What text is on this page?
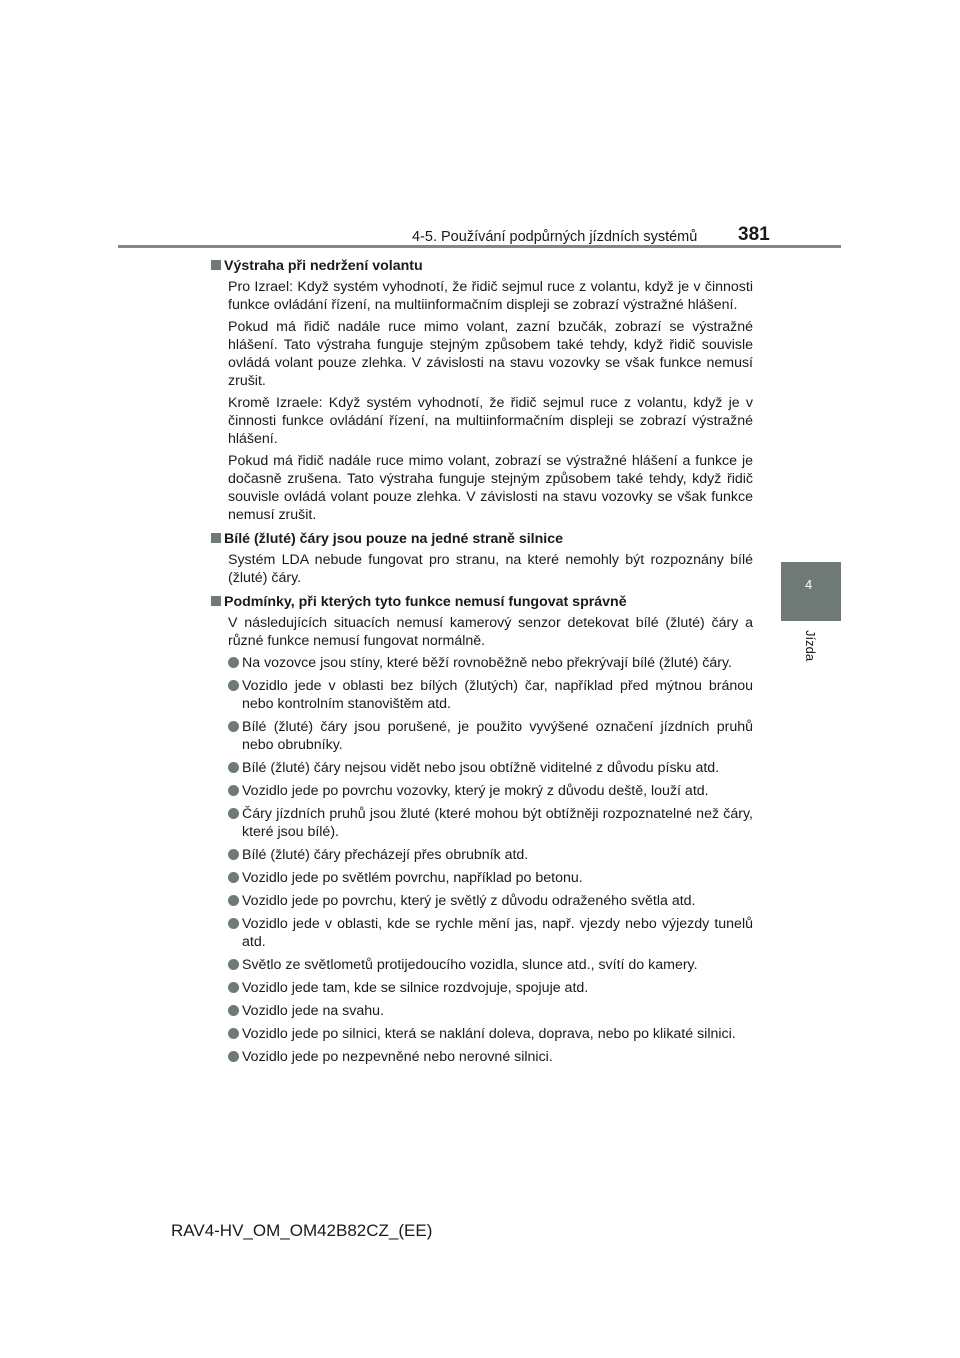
4-5. Používání podpůrných jízdních systémů 381
4
Jízda
Výstraha při nedržení volantu

Pro Izrael: Když systém vyhodnotí, že řidič sejmul ruce z volantu, když je v činnosti funkce ovládání řízení, na multiinformačním displeji se zobrazí výstražné hlášení.

Pokud má řidič nadále ruce mimo volant, zazní bzučák, zobrazí se výstražné hlášení. Tato výstraha funguje stejným způsobem také tehdy, když řidič souvisle ovládá volant pouze zlehka. V závislosti na stavu vozovky se však funkce nemusí zrušit.

Kromě Izraele: Když systém vyhodnotí, že řidič sejmul ruce z volantu, když je v činnosti funkce ovládání řízení, na multiinformačním displeji se zobrazí výstražné hlášení.

Pokud má řidič nadále ruce mimo volant, zobrazí se výstražné hlášení a funkce je dočasně zrušena. Tato výstraha funguje stejným způsobem také tehdy, když řidič souvisle ovládá volant pouze zlehka. V závislosti na stavu vozovky se však funkce nemusí zrušit.

Bílé (žluté) čáry jsou pouze na jedné straně silnice

Systém LDA nebude fungovat pro stranu, na které nemohly být rozpoznány bílé (žluté) čáry.

Podmínky, při kterých tyto funkce nemusí fungovat správně

V následujících situacích nemusí kamerový senzor detekovat bílé (žluté) čáry a různé funkce nemusí fungovat normálně.

Na vozovce jsou stíny, které běží rovnoběžně nebo překrývají bílé (žluté) čáry.
Vozidlo jede v oblasti bez bílých (žlutých) čar, například před mýtnou bránou nebo kontrolním stanovištěm atd.
Bílé (žluté) čáry jsou porušené, je použito vyvýšené označení jízdních pruhů nebo obrubníky.
Bílé (žluté) čáry nejsou vidět nebo jsou obtížně viditelné z důvodu písku atd.
Vozidlo jede po povrchu vozovky, který je mokrý z důvodu deště, louží atd.
Čáry jízdních pruhů jsou žluté (které mohou být obtížněji rozpoznatelné než čáry, které jsou bílé).
Bílé (žluté) čáry přecházejí přes obrubník atd.
Vozidlo jede po světlém povrchu, například po betonu.
Vozidlo jede po povrchu, který je světlý z důvodu odraženého světla atd.
Vozidlo jede v oblasti, kde se rychle mění jas, např. vjezdy nebo výjezdy tunelů atd.
Světlo ze světlometů protijedoucího vozidla, slunce atd., svítí do kamery.
Vozidlo jede tam, kde se silnice rozdvojuje, spojuje atd.
Vozidlo jede na svahu.
Vozidlo jede po silnici, která se naklání doleva, doprava, nebo po klikaté silnici.
Vozidlo jede po nezpevněné nebo nerovné silnici.
RAV4-HV_OM_OM42B82CZ_(EE)
